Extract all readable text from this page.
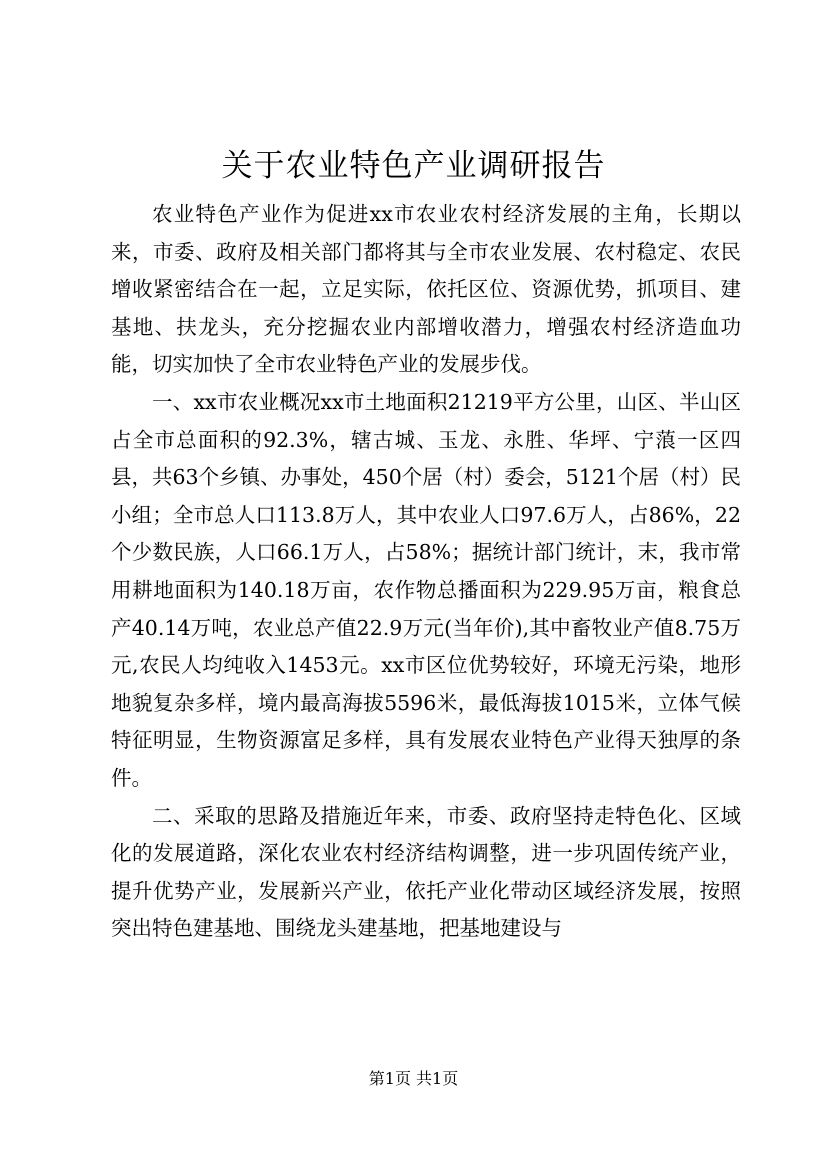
关于农业特色产业调研报告

农业特色产业作为促进xx市农业农村经济发展的主角，长期以来，市委、政府及相关部门都将其与全市农业发展、农村稳定、农民增收紧密结合在一起，立足实际，依托区位、资源优势，抓项目、建基地、扶龙头，充分挖掘农业内部增收潜力，增强农村经济造血功能，切实加快了全市农业特色产业的发展步伐。

一、xx市农业概况xx市土地面积21219平方公里，山区、半山区占全市总面积的92.3%，辖古城、玉龙、永胜、华坪、宁蒗一区四县，共63个乡镇、办事处，450个居（村）委会，5121个居（村）民小组；全市总人口113.8万人，其中农业人口97.6万人，占86%，22个少数民族，人口66.1万人，占58%；据统计部门统计，末，我市常用耕地面积为140.18万亩，农作物总播面积为229.95万亩，粮食总产40.14万吨，农业总产值22.9万元(当年价),其中畜牧业产值8.75万元,农民人均纯收入1453元。xx市区位优势较好，环境无污染，地形地貌复杂多样，境内最高海拔5596米，最低海拔1015米，立体气候特征明显，生物资源富足多样，具有发展农业特色产业得天独厚的条件。

二、采取的思路及措施近年来，市委、政府坚持走特色化、区域化的发展道路，深化农业农村经济结构调整，进一步巩固传统产业，提升优势产业，发展新兴产业，依托产业化带动区域经济发展，按照突出特色建基地、围绕龙头建基地，把基地建设与

第1页 共1页
